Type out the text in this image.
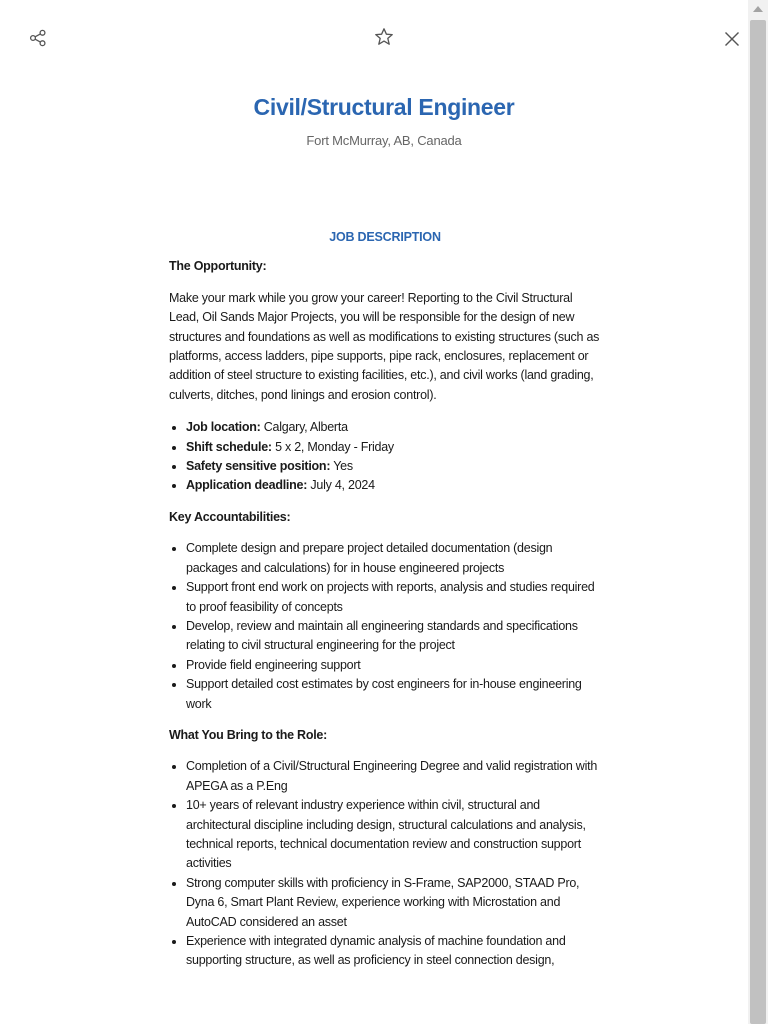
Civil/Structural Engineer
Fort McMurray, AB, Canada
JOB DESCRIPTION
The Opportunity:

Make your mark while you grow your career! Reporting to the Civil Structural Lead, Oil Sands Major Projects, you will be responsible for the design of new structures and foundations as well as modifications to existing structures (such as platforms, access ladders, pipe supports, pipe rack, enclosures, replacement or addition of steel structure to existing facilities, etc.), and civil works (land grading, culverts, ditches, pond linings and erosion control).

• Job location: Calgary, Alberta
• Shift schedule: 5 x 2, Monday - Friday
• Safety sensitive position: Yes
• Application deadline: July 4, 2024
Key Accountabilities:
• Complete design and prepare project detailed documentation (design packages and calculations) for in house engineered projects
• Support front end work on projects with reports, analysis and studies required to proof feasibility of concepts
• Develop, review and maintain all engineering standards and specifications relating to civil structural engineering for the project
• Provide field engineering support
• Support detailed cost estimates by cost engineers for in-house engineering work
What You Bring to the Role:
• Completion of a Civil/Structural Engineering Degree and valid registration with APEGA as a P.Eng
• 10+ years of relevant industry experience within civil, structural and architectural discipline including design, structural calculations and analysis, technical reports, technical documentation review and construction support activities
• Strong computer skills with proficiency in S-Frame, SAP2000, STAAD Pro, Dyna 6, Smart Plant Review, experience working with Microstation and AutoCAD considered an asset
• Experience with integrated dynamic analysis of machine foundation and supporting structure, as well as proficiency in steel connection design,
